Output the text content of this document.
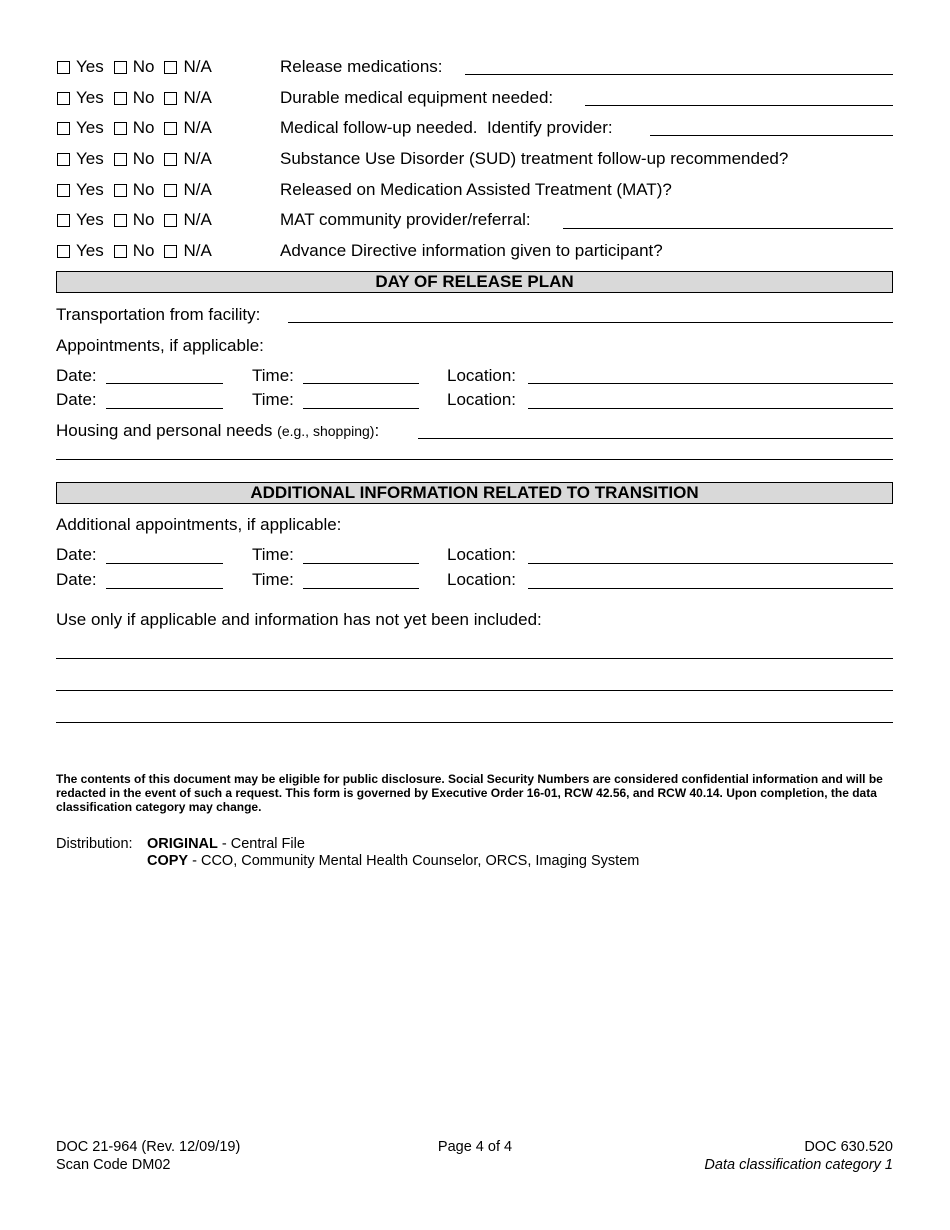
Yes No N/A	Release medications:
Yes No N/A	Durable medical equipment needed:
Yes No N/A	Medical follow-up needed.  Identify provider:
Yes No N/A	Substance Use Disorder (SUD) treatment follow-up recommended?
Yes No N/A	Released on Medication Assisted Treatment (MAT)?
Yes No N/A	MAT community provider/referral:
Yes No N/A	Advance Directive information given to participant?
DAY OF RELEASE PLAN
Transportation from facility:
Appointments, if applicable:
Date:	Time:	Location:
Date:	Time:	Location:
Housing and personal needs (e.g., shopping):
ADDITIONAL INFORMATION RELATED TO TRANSITION
Additional appointments, if applicable:
Date:	Time:	Location:
Date:	Time:	Location:
Use only if applicable and information has not yet been included:
The contents of this document may be eligible for public disclosure. Social Security Numbers are considered confidential information and will be redacted in the event of such a request. This form is governed by Executive Order 16-01, RCW 42.56, and RCW 40.14. Upon completion, the data classification category may change.
Distribution: ORIGINAL - Central File
COPY - CCO, Community Mental Health Counselor, ORCS, Imaging System
DOC 21-964 (Rev. 12/09/19)
Scan Code DM02
Page 4 of 4	DOC 630.520
Data classification category 1
